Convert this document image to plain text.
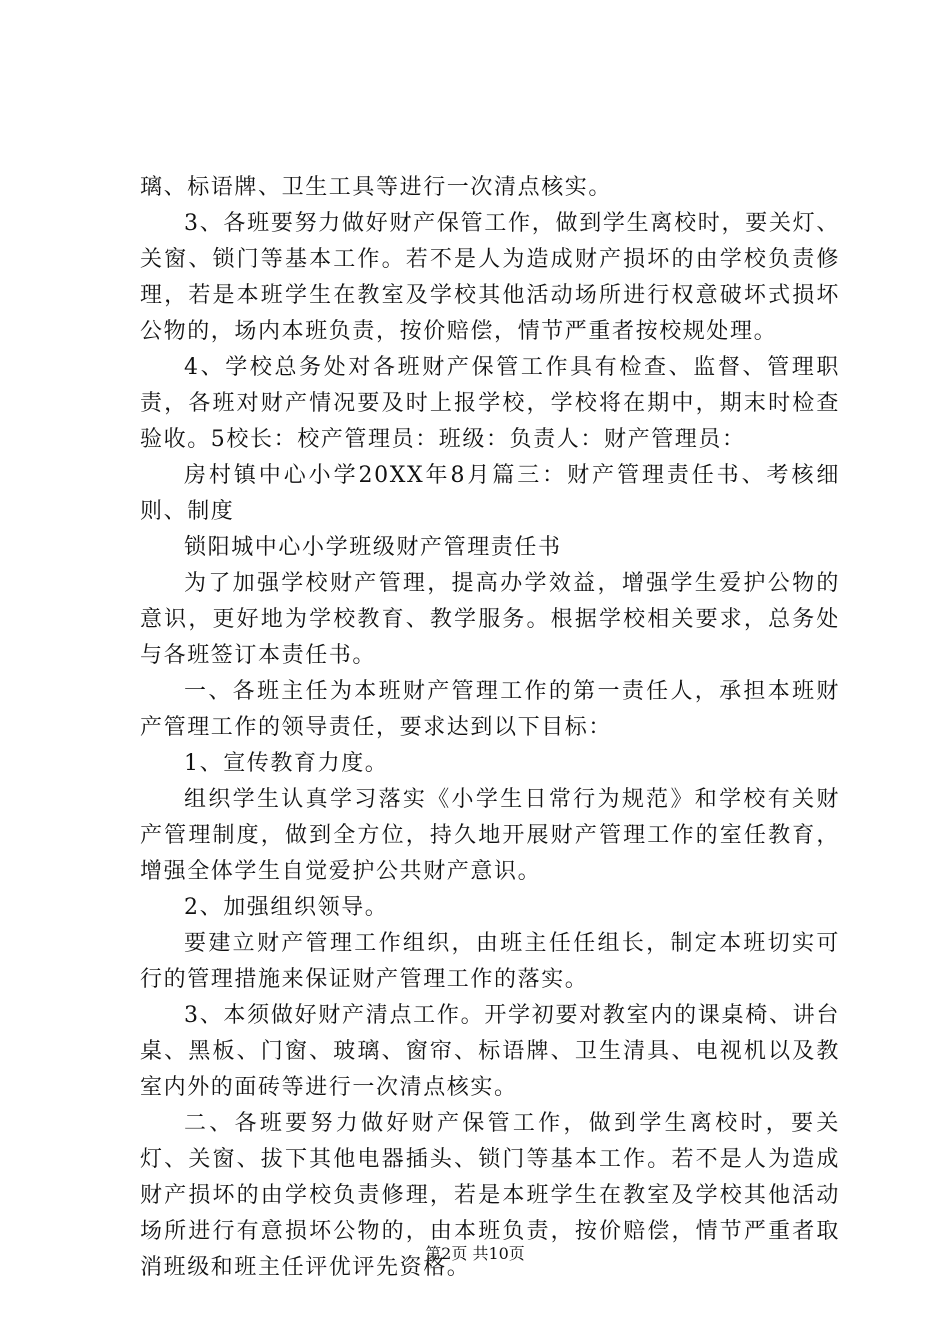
璃、标语牌、卫生工具等进行一次清点核实。

3、各班要努力做好财产保管工作，做到学生离校时，要关灯、关窗、锁门等基本工作。若不是人为造成财产损坏的由学校负责修理，若是本班学生在教室及学校其他活动场所进行权意破坏式损坏公物的，场内本班负责，按价赔偿，情节严重者按校规处理。

4、学校总务处对各班财产保管工作具有检查、监督、管理职责，各班对财产情况要及时上报学校，学校将在期中，期末时检查验收。5校长：校产管理员：班级：负责人：财产管理员：

房村镇中心小学20XX年8月篇三：财产管理责任书、考核细则、制度

锁阳城中心小学班级财产管理责任书

为了加强学校财产管理，提高办学效益，增强学生爱护公物的意识，更好地为学校教育、教学服务。根据学校相关要求，总务处与各班签订本责任书。

一、各班主任为本班财产管理工作的第一责任人，承担本班财产管理工作的领导责任，要求达到以下目标：

1、宣传教育力度。

组织学生认真学习落实《小学生日常行为规范》和学校有关财产管理制度，做到全方位，持久地开展财产管理工作的室任教育，增强全体学生自觉爱护公共财产意识。

2、加强组织领导。

要建立财产管理工作组织，由班主任任组长，制定本班切实可行的管理措施来保证财产管理工作的落实。

3、本须做好财产清点工作。开学初要对教室内的课桌椅、讲台桌、黑板、门窗、玻璃、窗帘、标语牌、卫生清具、电视机以及教室内外的面砖等进行一次清点核实。

二、各班要努力做好财产保管工作，做到学生离校时，要关灯、关窗、拔下其他电器插头、锁门等基本工作。若不是人为造成财产损坏的由学校负责修理，若是本班学生在教室及学校其他活动场所进行有意损坏公物的，由本班负责，按价赔偿，情节严重者取消班级和班主任评优评先资格。

第2页 共10页
